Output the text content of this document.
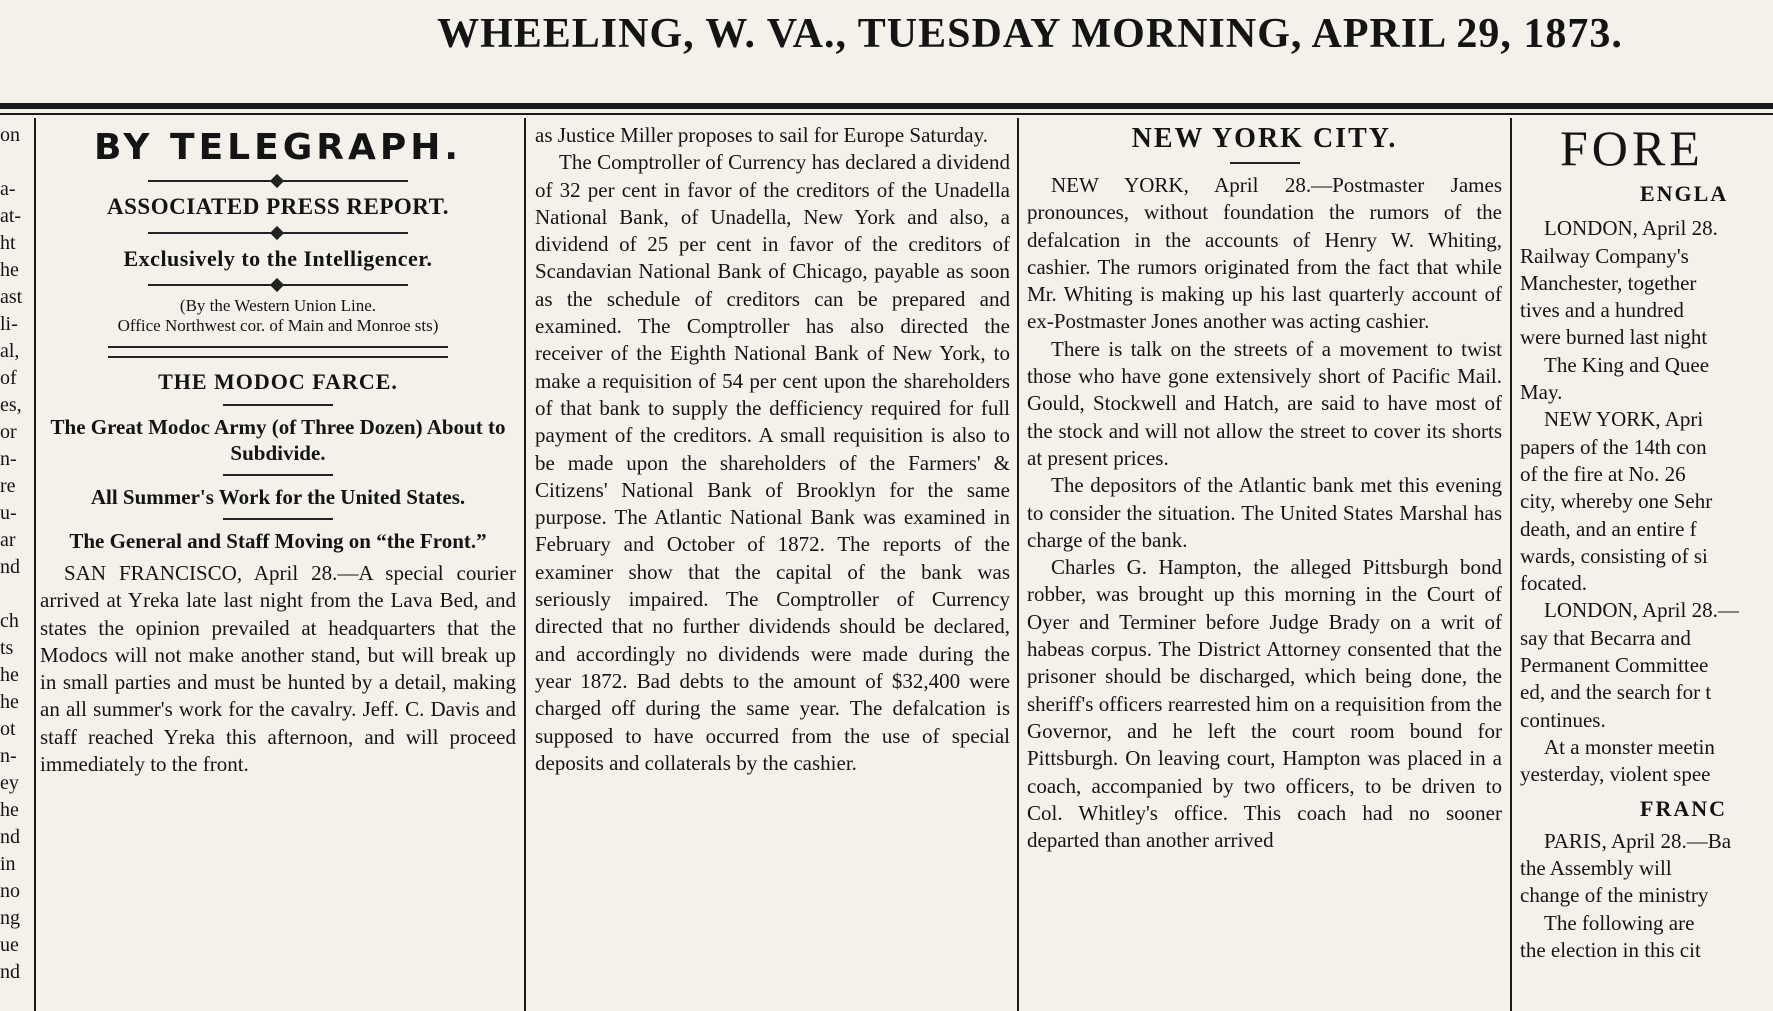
WHEELING, W. VA., TUESDAY MORNING, APRIL 29, 1873.
on

a-
at-
ht
he
ast
li-
al,
of
es,
or
n-
re
u-
ar
nd

ch
ts
he
he
ot
n-
ey
he
nd
in
no
ng
ue
nd
BY TELEGRAPH.
ASSOCIATED PRESS REPORT.
Exclusively to the Intelligencer.
(By the Western Union Line.
Office Northwest cor. of Main and Monroe sts)
THE MODOC FARCE.
The Great Modoc Army (of Three Dozen) About to Subdivide.
All Summer's Work for the United States.
The General and Staff Moving on “the Front.”

SAN FRANCISCO, April 28.—A special courier arrived at Yreka late last night from the Lava Bed, and states the opinion prevailed at headquarters that the Modocs will not make another stand, but will break up in small parties and must be hunted by a detail, making an all summer's work for the cavalry. Jeff. C. Davis and staff reached Yreka this afternoon, and will proceed immediately to the front.

as Justice Miller proposes to sail for Europe Saturday.

The Comptroller of Currency has declared a dividend of 32 per cent in favor of the creditors of the Unadella National Bank, of Unadella, New York and also, a dividend of 25 per cent in favor of the creditors of Scandavian National Bank of Chicago, payable as soon as the schedule of creditors can be prepared and examined. The Comptroller has also directed the receiver of the Eighth National Bank of New York, to make a requisition of 54 per cent upon the shareholders of that bank to supply the defficiency required for full payment of the creditors. A small requisition is also to be made upon the shareholders of the Farmers' & Citizens' National Bank of Brooklyn for the same purpose. The Atlantic National Bank was examined in February and October of 1872. The reports of the examiner show that the capital of the bank was seriously impaired. The Comptroller of Currency directed that no further dividends should be declared, and accordingly no dividends were made during the year 1872. Bad debts to the amount of $32,400 were charged off during the same year. The defalcation is supposed to have occurred from the use of special deposits and collaterals by the cashier.

NEW YORK CITY.

NEW YORK, April 28.—Postmaster James pronounces, without foundation the rumors of the defalcation in the accounts of Henry W. Whiting, cashier. The rumors originated from the fact that while Mr. Whiting is making up his last quarterly account of ex-Postmaster Jones another was acting cashier.

There is talk on the streets of a movement to twist those who have gone extensively short of Pacific Mail. Gould, Stockwell and Hatch, are said to have most of the stock and will not allow the street to cover its shorts at present prices.

The depositors of the Atlantic bank met this evening to consider the situation. The United States Marshal has charge of the bank.

Charles G. Hampton, the alleged Pittsburgh bond robber, was brought up this morning in the Court of Oyer and Terminer before Judge Brady on a writ of habeas corpus. The District Attorney consented that the prisoner should be discharged, which being done, the sheriff's officers rearrested him on a requisition from the Governor, and he left the court room bound for Pittsburgh. On leaving court, Hampton was placed in a coach, accompanied by two officers, to be driven to Col. Whitley's office. This coach had no sooner departed than another arrived

FORE
ENGLA

LONDON, April 28.

Railway Company's

Manchester, together

tives and a hundred

were burned last night

The King and Quee

May.

NEW YORK, Apri

papers of the 14th con

of the fire at No. 26

city, whereby one Sehr

death, and an entire f

wards, consisting of si

focated.

LONDON, April 28.—

say that Becarra and

Permanent Committee

ed, and the search for t

continues.

At a monster meetin

yesterday, violent spee

FRANC

PARIS, April 28.—Ba

the Assembly will

change of the ministry

The following are

the election in this cit
